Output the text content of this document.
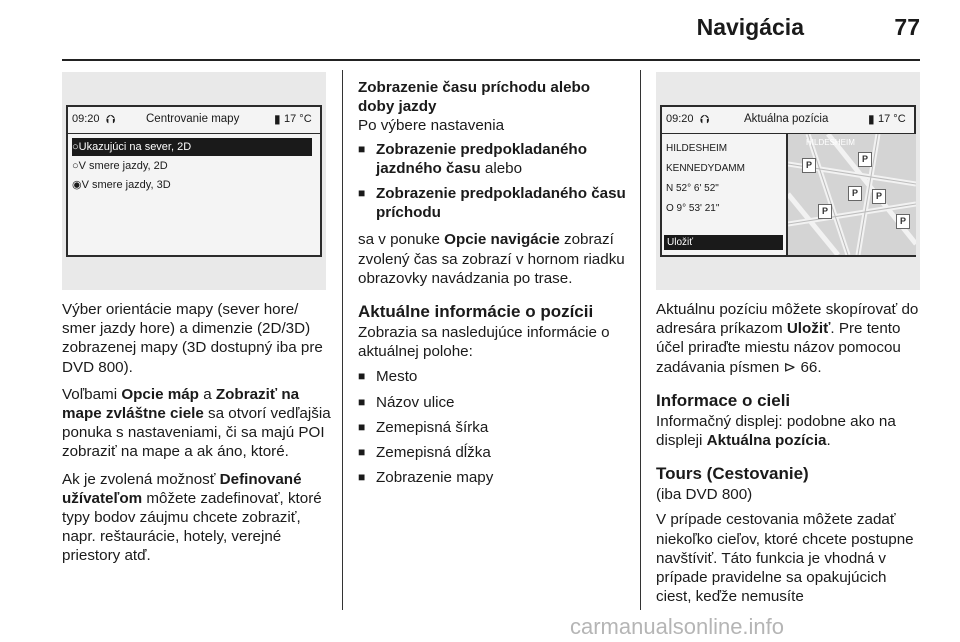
Navigácia	77
09:20 ⮉	Centrovanie mapy	▮ 17 °C
○Ukazujúci na sever, 2D
○V smere jazdy, 2D
◉V smere jazdy, 3D

Výber orientácie mapy (sever hore/ smer jazdy hore) a dimenzie (2D/3D) zobrazenej mapy (3D dostupný iba pre DVD 800).

Voľbami Opcie máp a Zobraziť na mape zvláštne ciele sa otvorí vedľajšia ponuka s nastaveniami, či sa majú POI zobraziť na mape a ak áno, ktoré.

Ak je zvolená možnosť Definované užívateľom môžete zadefinovať, ktoré typy bodov záujmu chcete zobraziť, napr. reštaurácie, hotely, verejné priestory atď.

Zobrazenie času príchodu alebo doby jazdy

Po výbere nastavenia

■ Zobrazenie predpokladaného jazdného času alebo
■ Zobrazenie predpokladaného času príchodu

sa v ponuke Opcie navigácie zobrazí zvolený čas sa zobrazí v hornom riadku obrazovky navádzania po trase.

Aktuálne informácie o pozícii

Zobrazia sa nasledujúce informácie o aktuálnej polohe:

■ Mesto
■ Názov ulice
■ Zemepisná šírka
■ Zemepisná dĺžka
■ Zobrazenie mapy
09:20 ⮉	Aktuálna pozícia	▮ 17 °C
HILDESHEIM
KENNEDYDAMM
N 52° 6' 52"
O 9° 53' 21"
Uložiť
HILDESHEIM
P
P	P
P
P
P

Aktuálnu pozíciu môžete skopírovať do adresára príkazom Uložiť. Pre tento účel priraďte miestu názov pomocou zadávania písmen ⊳ 66.

Informace o cieli

Informačný displej: podobne ako na displeji Aktuálna pozícia.

Tours (Cestovanie)

(iba DVD 800)

V prípade cestovania môžete zadať niekoľko cieľov, ktoré chcete postupne navštíviť. Táto funkcia je vhodná v prípade pravidelne sa opakujúcich ciest, keďže nemusíte

carmanualsonline.info
